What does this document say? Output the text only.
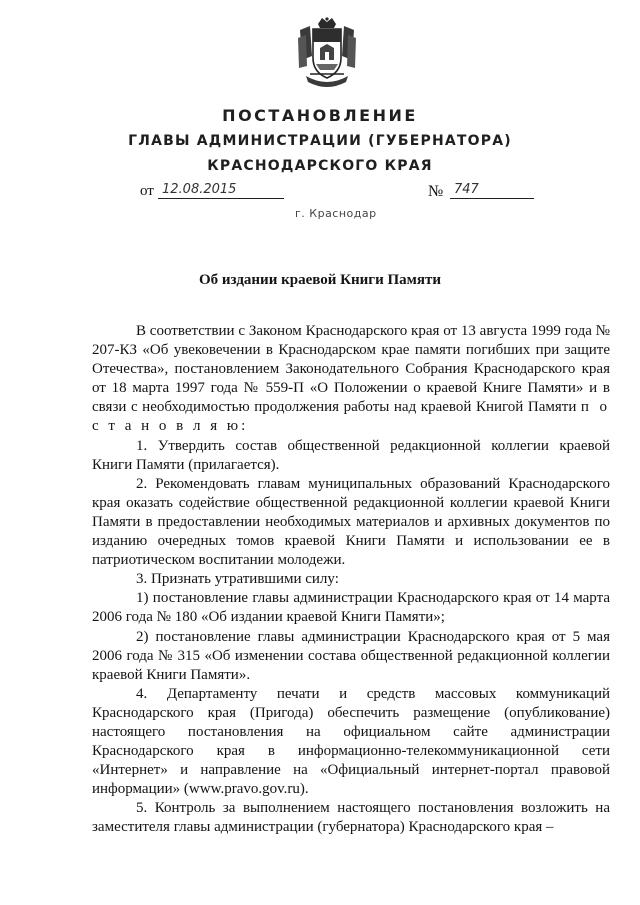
ПОСТАНОВЛЕНИЕ
ГЛАВЫ АДМИНИСТРАЦИИ (ГУБЕРНАТОРА)
КРАСНОДАРСКОГО КРАЯ
от 12.08.2015	№ 747
г. Краснодар
Об издании краевой Книги Памяти

В соответствии с Законом Краснодарского края от 13 августа 1999 года № 207-КЗ «Об увековечении в Краснодарском крае памяти погибших при защите Отечества», постановлением Законодательного Собрания Краснодарского края от 18 марта 1997 года № 559-П «О Положении о краевой Книге Памяти» и в связи с необходимостью продолжения работы над краевой Книгой Памяти п о с т а н о в л я ю:

1. Утвердить состав общественной редакционной коллегии краевой Книги Памяти (прилагается).

2. Рекомендовать главам муниципальных образований Краснодарского края оказать содействие общественной редакционной коллегии краевой Книги Памяти в предоставлении необходимых материалов и архивных документов по изданию очередных томов краевой Книги Памяти и использовании ее в патриотическом воспитании молодежи.

3. Признать утратившими силу:

1) постановление главы администрации Краснодарского края от 14 марта 2006 года № 180 «Об издании краевой Книги Памяти»;

2) постановление главы администрации Краснодарского края от 5 мая 2006 года № 315 «Об изменении состава общественной редакционной коллегии краевой Книги Памяти».

4. Департаменту печати и средств массовых коммуникаций Краснодарского края (Пригода) обеспечить размещение (опубликование) настоящего постановления на официальном сайте администрации Краснодарского края в информационно-телекоммуникационной сети «Интернет» и направление на «Официальный интернет-портал правовой информации» (www.pravo.gov.ru).

5. Контроль за выполнением настоящего постановления возложить на заместителя главы администрации (губернатора) Краснодарского края –
